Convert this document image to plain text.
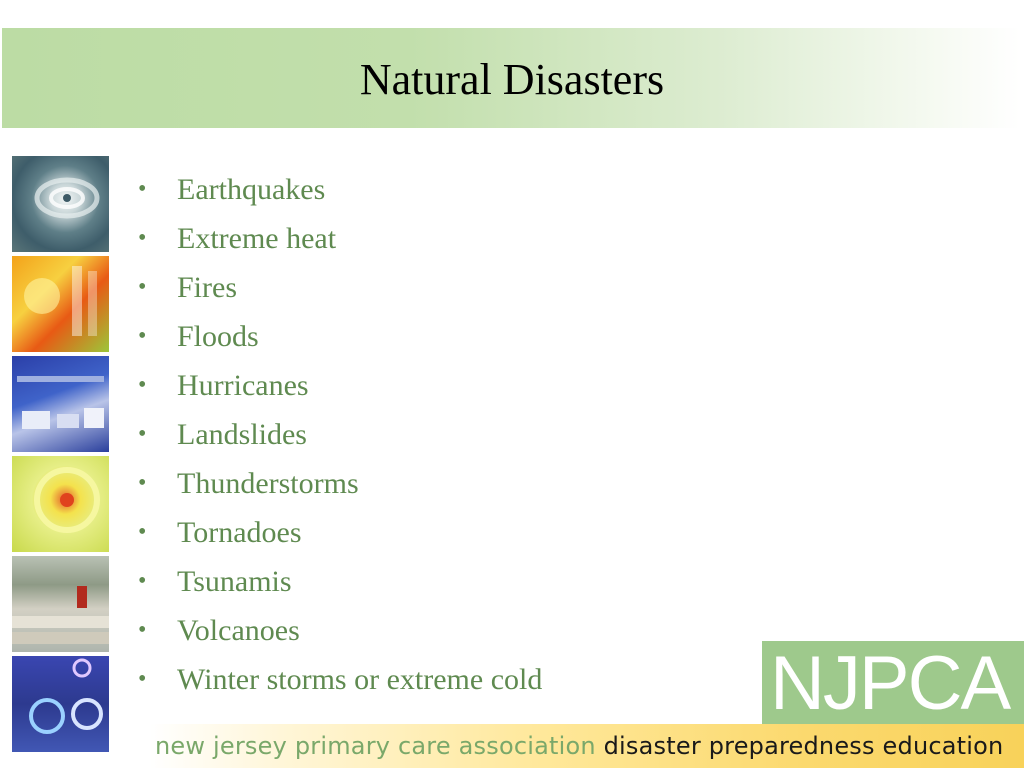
Natural Disasters
• Earthquakes
• Extreme heat
• Fires
• Floods
• Hurricanes
• Landslides
• Thunderstorms
• Tornadoes
• Tsunamis
• Volcanoes
• Winter storms or extreme cold	NJPCA
new jersey primary care association disaster preparedness education
